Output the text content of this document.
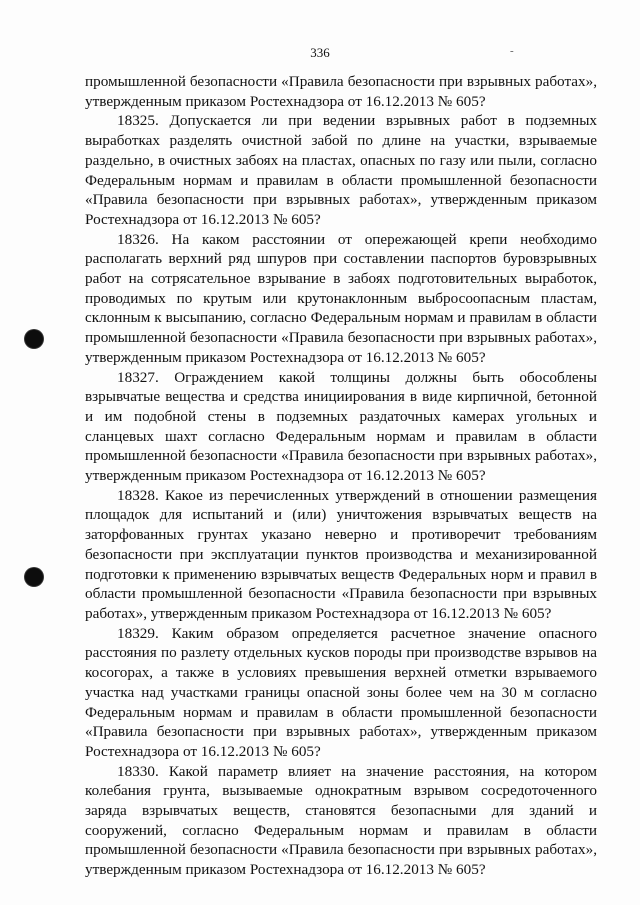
336	-

промышленной безопасности «Правила безопасности при взрывных работах», утвержденным приказом Ростехнадзора от 16.12.2013 № 605?

18325. Допускается ли при ведении взрывных работ в подземных выработках разделять очистной забой по длине на участки, взрываемые раздельно, в очистных забоях на пластах, опасных по газу или пыли, согласно Федеральным нормам и правилам в области промышленной безопасности «Правила безопасности при взрывных работах», утвержденным приказом Ростехнадзора от 16.12.2013 № 605?

18326. На каком расстоянии от опережающей крепи необходимо располагать верхний ряд шпуров при составлении паспортов буровзрывных работ на сотрясательное взрывание в забоях подготовительных выработок, проводимых по крутым или крутонаклонным выбросоопасным пластам, склонным к высыпанию, согласно Федеральным нормам и правилам в области промышленной безопасности «Правила безопасности при взрывных работах», утвержденным приказом Ростехнадзора от 16.12.2013 № 605?

18327. Ограждением какой толщины должны быть обособлены взрывчатые вещества и средства инициирования в виде кирпичной, бетонной и им подобной стены в подземных раздаточных камерах угольных и сланцевых шахт согласно Федеральным нормам и правилам в области промышленной безопасности «Правила безопасности при взрывных работах», утвержденным приказом Ростехнадзора от 16.12.2013 № 605?

18328. Какое из перечисленных утверждений в отношении размещения площадок для испытаний и (или) уничтожения взрывчатых веществ на заторфованных грунтах указано неверно и противоречит требованиям безопасности при эксплуатации пунктов производства и механизированной подготовки к применению взрывчатых веществ Федеральных норм и правил в области промышленной безопасности «Правила безопасности при взрывных работах», утвержденным приказом Ростехнадзора от 16.12.2013 № 605?

18329. Каким образом определяется расчетное значение опасного расстояния по разлету отдельных кусков породы при производстве взрывов на косогорах, а также в условиях превышения верхней отметки взрываемого участка над участками границы опасной зоны более чем на 30 м согласно Федеральным нормам и правилам в области промышленной безопасности «Правила безопасности при взрывных работах», утвержденным приказом Ростехнадзора от 16.12.2013 № 605?

18330. Какой параметр влияет на значение расстояния, на котором колебания грунта, вызываемые однократным взрывом сосредоточенного заряда взрывчатых веществ, становятся безопасными для зданий и сооружений, согласно Федеральным нормам и правилам в области промышленной безопасности «Правила безопасности при взрывных работах», утвержденным приказом Ростехнадзора от 16.12.2013 № 605?
